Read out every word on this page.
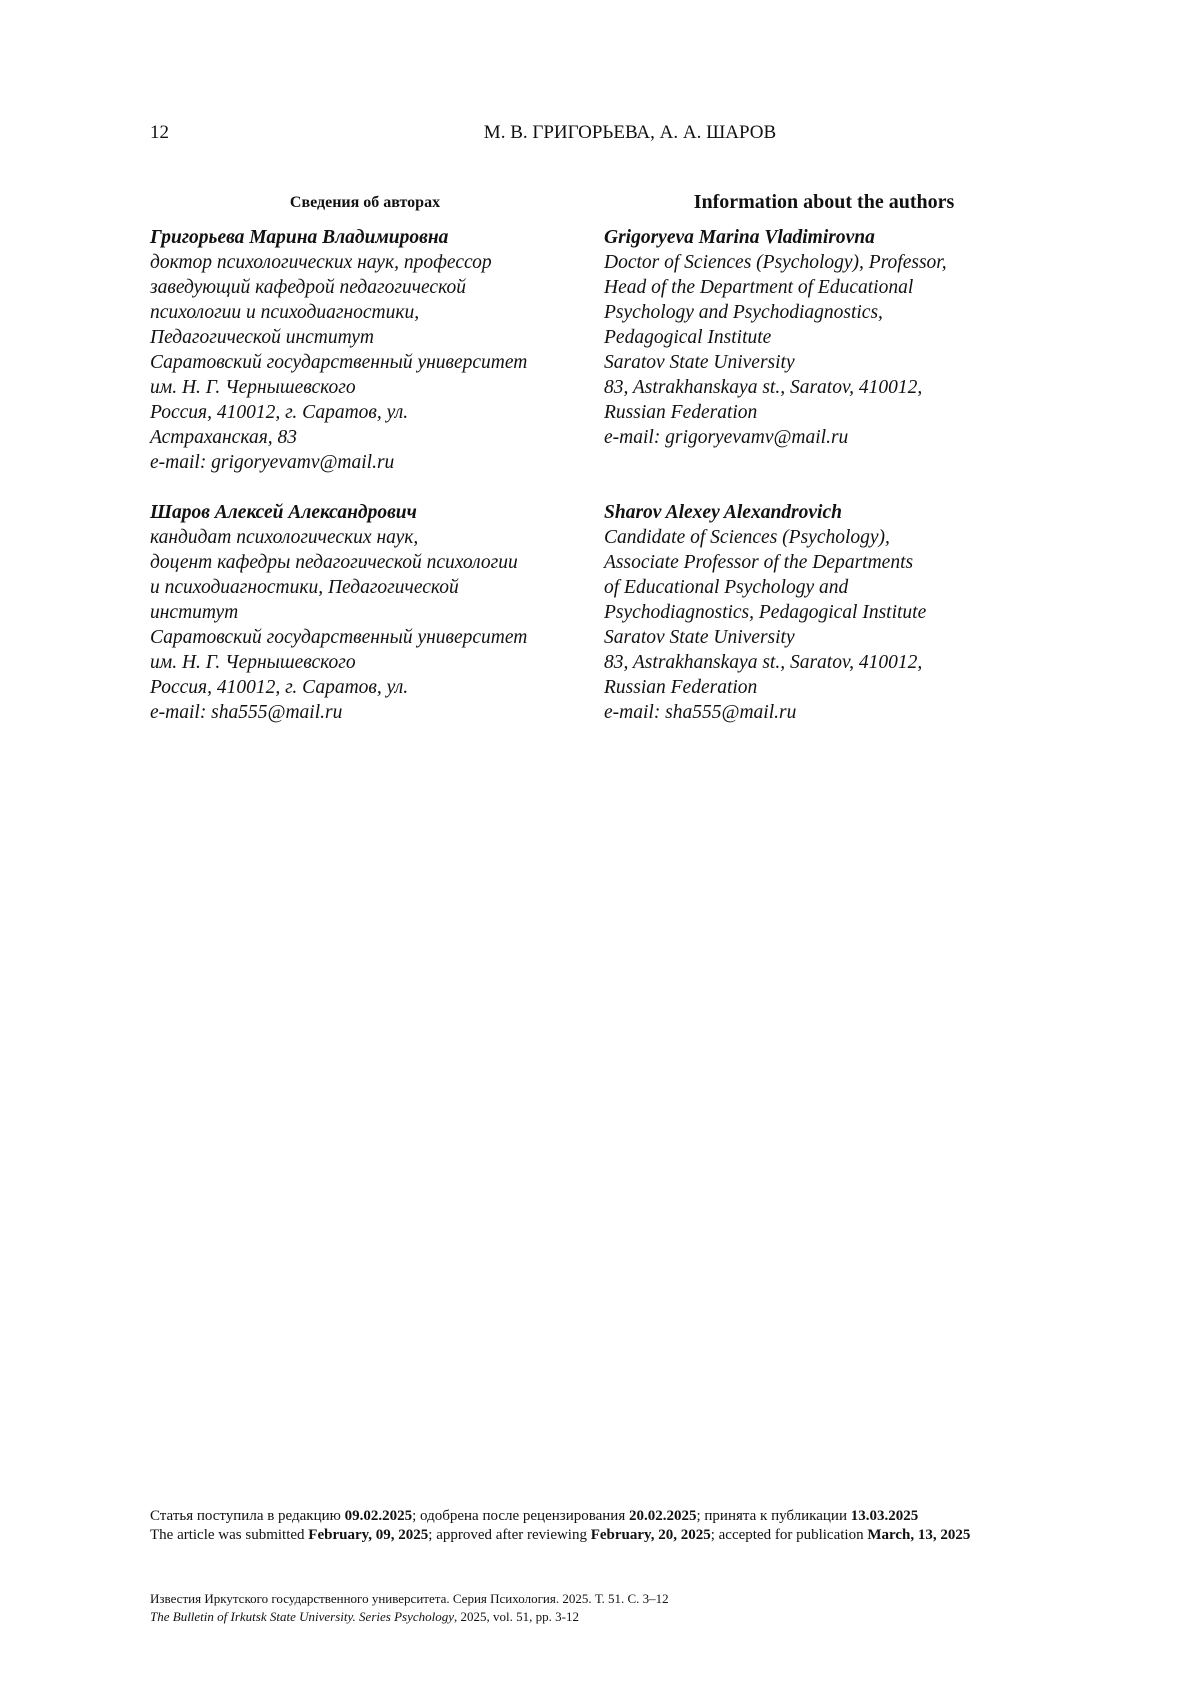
12	М. В. ГРИГОРЬЕВА, А. А. ШАРОВ
Сведения об авторах
Григорьева Марина Владимировна
доктор психологических наук, профессор
заведующий кафедрой педагогической
психологии и психодиагностики,
Педагогической институт
Саратовский государственный университет
им. Н. Г. Чернышевского
Россия, 410012, г. Саратов, ул.
Астраханская, 83
e-mail: grigoryevamv@mail.ru
Шаров Алексей Александрович
кандидат психологических наук,
доцент кафедры педагогической психологии
и психодиагностики, Педагогической
институт
Саратовский государственный университет
им. Н. Г. Чернышевского
Россия, 410012, г. Саратов, ул.
e-mail: sha555@mail.ru
Information about the authors
Grigoryeva Marina Vladimirovna
Doctor of Sciences (Psychology), Professor,
Head of the Department of Educational
Psychology and Psychodiagnostics,
Pedagogical Institute
Saratov State University
83, Astrakhanskaya st., Saratov, 410012,
Russian Federation
e-mail: grigoryevamv@mail.ru
Sharov Alexey Alexandrovich
Candidate of Sciences (Psychology),
Associate Professor of the Departments
of Educational Psychology and
Psychodiagnostics, Pedagogical Institute
Saratov State University
83, Astrakhanskaya st., Saratov, 410012,
Russian Federation
e-mail: sha555@mail.ru

Статья поступила в редакцию 09.02.2025; одобрена после рецензирования 20.02.2025; принята к публикации 13.03.2025

The article was submitted February, 09, 2025; approved after reviewing February, 20, 2025; accepted for publication March, 13, 2025

Известия Иркутского государственного университета. Серия Психология. 2025. Т. 51. С. 3–12

The Bulletin of Irkutsk State University. Series Psychology, 2025, vol. 51, pp. 3-12
